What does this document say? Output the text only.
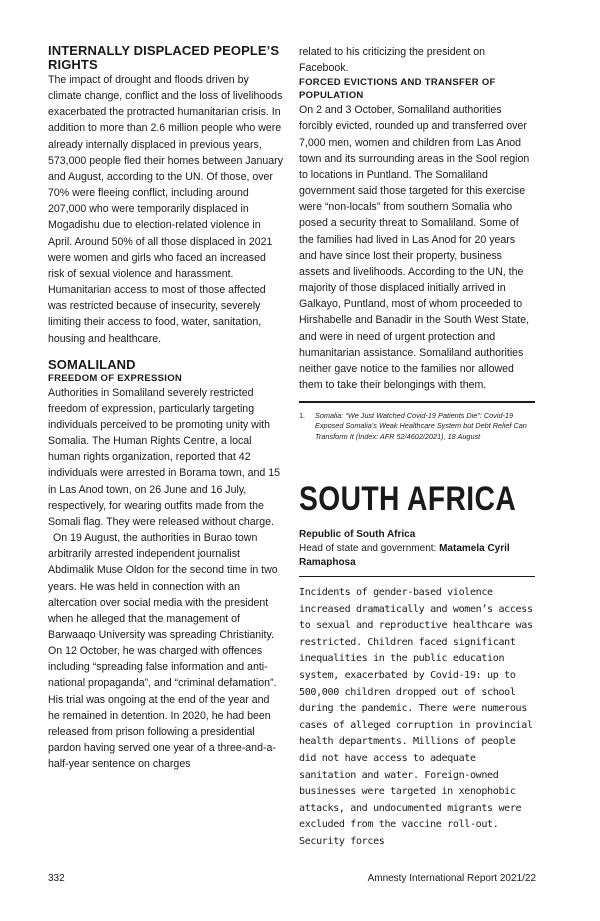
INTERNALLY DISPLACED PEOPLE’S RIGHTS

The impact of drought and floods driven by climate change, conflict and the loss of livelihoods exacerbated the protracted humanitarian crisis. In addition to more than 2.6 million people who were already internally displaced in previous years, 573,000 people fled their homes between January and August, according to the UN. Of those, over 70% were fleeing conflict, including around 207,000 who were temporarily displaced in Mogadishu due to election-related violence in April. Around 50% of all those displaced in 2021 were women and girls who faced an increased risk of sexual violence and harassment. Humanitarian access to most of those affected was restricted because of insecurity, severely limiting their access to food, water, sanitation, housing and healthcare.

SOMALILAND
FREEDOM OF EXPRESSION

Authorities in Somaliland severely restricted freedom of expression, particularly targeting individuals perceived to be promoting unity with Somalia. The Human Rights Centre, a local human rights organization, reported that 42 individuals were arrested in Borama town, and 15 in Las Anod town, on 26 June and 16 July, respectively, for wearing outfits made from the Somali flag. They were released without charge.

On 19 August, the authorities in Burao town arbitrarily arrested independent journalist Abdimalik Muse Oldon for the second time in two years. He was held in connection with an altercation over social media with the president when he alleged that the management of Barwaaqo University was spreading Christianity. On 12 October, he was charged with offences including “spreading false information and anti-national propaganda”, and “criminal defamation”. His trial was ongoing at the end of the year and he remained in detention. In 2020, he had been released from prison following a presidential pardon having served one year of a three-and-a-half-year sentence on charges

related to his criticizing the president on Facebook.

FORCED EVICTIONS AND TRANSFER OF POPULATION

On 2 and 3 October, Somaliland authorities forcibly evicted, rounded up and transferred over 7,000 men, women and children from Las Anod town and its surrounding areas in the Sool region to locations in Puntland. The Somaliland government said those targeted for this exercise were “non-locals” from southern Somalia who posed a security threat to Somaliland. Some of the families had lived in Las Anod for 20 years and have since lost their property, business assets and livelihoods. According to the UN, the majority of those displaced initially arrived in Galkayo, Puntland, most of whom proceeded to Hirshabelle and Banadir in the South West State, and were in need of urgent protection and humanitarian assistance. Somaliland authorities neither gave notice to the families nor allowed them to take their belongings with them.

1. Somalia: “We Just Watched Covid-19 Patients Die”: Covid-19 Exposed Somalia’s Weak Healthcare System but Debt Relief Can Transform It (Index: AFR 52/4602/2021), 18 August
SOUTH AFRICA
Republic of South Africa
Head of state and government: Matamela Cyril Ramaphosa

Incidents of gender-based violence increased dramatically and women’s access to sexual and reproductive healthcare was restricted. Children faced significant inequalities in the public education system, exacerbated by Covid-19: up to 500,000 children dropped out of school during the pandemic. There were numerous cases of alleged corruption in provincial health departments. Millions of people did not have access to adequate sanitation and water. Foreign-owned businesses were targeted in xenophobic attacks, and undocumented migrants were excluded from the vaccine roll-out. Security forces

332	Amnesty International Report 2021/22
